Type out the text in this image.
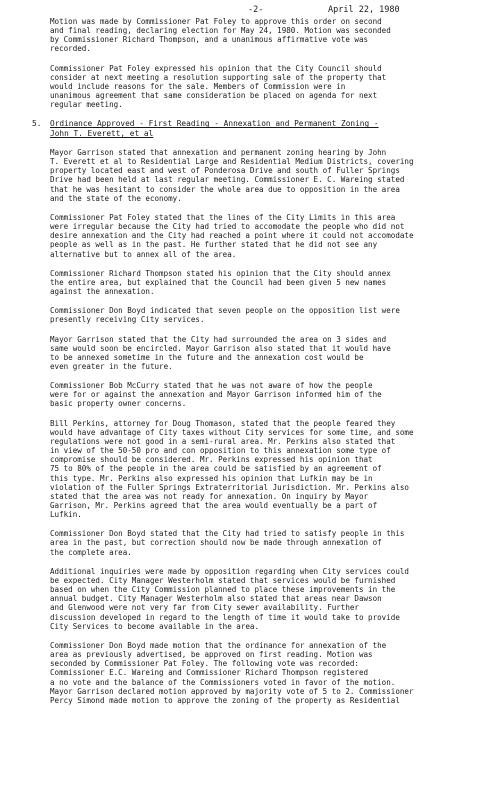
-2-	April 22, 1980

Motion was made by Commissioner Pat Foley to approve this order on second
and final reading, declaring election for May 24, 1980. Motion was seconded
by Commissioner Richard Thompson, and a unanimous affirmative vote was
recorded.

Commissioner Pat Foley expressed his opinion that the City Council should
consider at next meeting a resolution supporting sale of the property that
would include reasons for the sale. Members of Commission were in
unanimous agreement that same consideration be placed on agenda for next
regular meeting.

5. Ordinance Approved - First Reading - Annexation and Permanent Zoning -
John T. Everett, et al

Mayor Garrison stated that annexation and permanent zoning hearing by John
T. Everett et al to Residential Large and Residential Medium Districts, covering
property located east and west of Ponderosa Drive and south of Fuller Springs
Drive had been held at last regular meeting. Commissioner E. C. Wareing stated
that he was hesitant to consider the whole area due to opposition in the area
and the state of the economy.

Commissioner Pat Foley stated that the lines of the City Limits in this area
were irregular because the City had tried to accomodate the people who did not
desire annexation and the City had reached a point where it could not accomodate
people as well as in the past. He further stated that he did not see any
alternative but to annex all of the area.

Commissioner Richard Thompson stated his opinion that the City should annex
the entire area, but explained that the Council had been given 5 new names
against the annexation.

Commissioner Don Boyd indicated that seven people on the opposition list were
presently receiving City services.

Mayor Garrison stated that the City had surrounded the area on 3 sides and
same would soon be encircled. Mayor Garrison also stated that it would have
to be annexed sometime in the future and the annexation cost would be
even greater in the future.

Commissioner Bob McCurry stated that he was not aware of how the people
were for or against the annexation and Mayor Garrison informed him of the
basic property owner concerns.

Bill Perkins, attorney for Doug Thomason, stated that the people feared they
would have advantage of City taxes without City services for some time, and some
regulations were not good in a semi-rural area. Mr. Perkins also stated that
in view of the 50-50 pro and con opposition to this annexation some type of
compromise should be considered. Mr. Perkins expressed his opinion that
75 to 80% of the people in the area could be satisfied by an agreement of
this type. Mr. Perkins also expressed his opinion that Lufkin may be in
violation of the Fuller Springs Extraterritorial Jurisdiction. Mr. Perkins also
stated that the area was not ready for annexation. On inquiry by Mayor
Garrison, Mr. Perkins agreed that the area would eventually be a part of
Lufkin.

Commissioner Don Boyd stated that the City had tried to satisfy people in this
area in the past, but correction should now be made through annexation of
the complete area.

Additional inquiries were made by opposition regarding when City services could
be expected. City Manager Westerholm stated that services would be furnished
based on when the City Commission planned to place these improvements in the
annual budget. City Manager Westerholm also stated that areas near Dawson
and Glenwood were not very far from City sewer availability. Further
discussion developed in regard to the length of time it would take to provide
City Services to become available in the area.

Commissioner Don Boyd made motion that the ordinance for annexation of the
area as previously advertised, be approved on first reading. Motion was
seconded by Commissioner Pat Foley. The following vote was recorded:
Commissioner E.C. Wareing and Commissioner Richard Thompson registered
a no vote and the balance of the Commissioners voted in favor of the motion.
Mayor Garrison declared motion approved by majority vote of 5 to 2. Commissioner
Percy Simond made motion to approve the zoning of the property as Residential
